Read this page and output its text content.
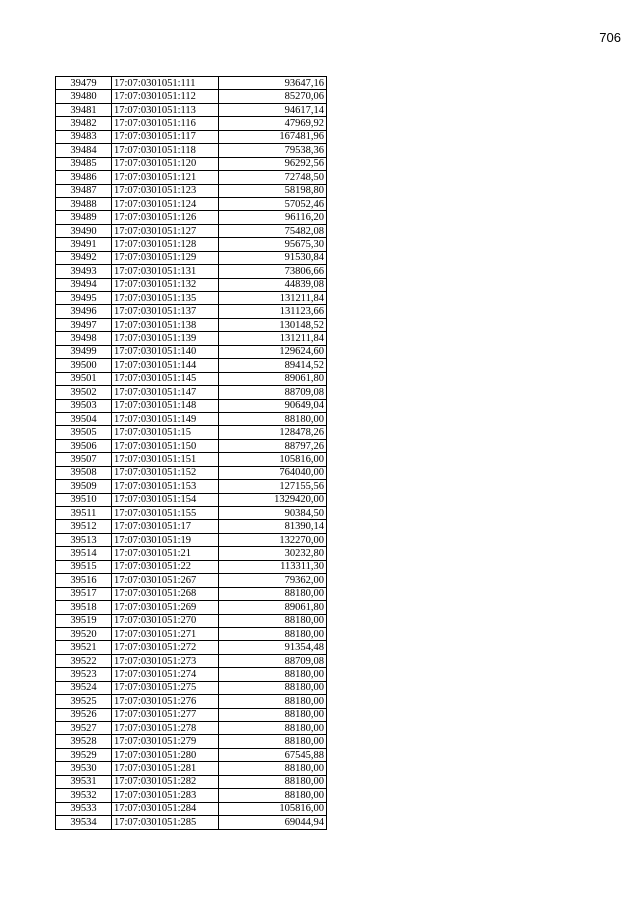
706
39479	17:07:0301051:111	93647,16
39480	17:07:0301051:112	85270,06
39481	17:07:0301051:113	94617,14
39482	17:07:0301051:116	47969,92
39483	17:07:0301051:117	167481,96
39484	17:07:0301051:118	79538,36
39485	17:07:0301051:120	96292,56
39486	17:07:0301051:121	72748,50
39487	17:07:0301051:123	58198,80
39488	17:07:0301051:124	57052,46
39489	17:07:0301051:126	96116,20
39490	17:07:0301051:127	75482,08
39491	17:07:0301051:128	95675,30
39492	17:07:0301051:129	91530,84
39493	17:07:0301051:131	73806,66
39494	17:07:0301051:132	44839,08
39495	17:07:0301051:135	131211,84
39496	17:07:0301051:137	131123,66
39497	17:07:0301051:138	130148,52
39498	17:07:0301051:139	131211,84
39499	17:07:0301051:140	129624,60
39500	17:07:0301051:144	89414,52
39501	17:07:0301051:145	89061,80
39502	17:07:0301051:147	88709,08
39503	17:07:0301051:148	90649,04
39504	17:07:0301051:149	88180,00
39505	17:07:0301051:15	128478,26
39506	17:07:0301051:150	88797,26
39507	17:07:0301051:151	105816,00
39508	17:07:0301051:152	764040,00
39509	17:07:0301051:153	127155,56
39510	17:07:0301051:154	1329420,00
39511	17:07:0301051:155	90384,50
39512	17:07:0301051:17	81390,14
39513	17:07:0301051:19	132270,00
39514	17:07:0301051:21	30232,80
39515	17:07:0301051:22	113311,30
39516	17:07:0301051:267	79362,00
39517	17:07:0301051:268	88180,00
39518	17:07:0301051:269	89061,80
39519	17:07:0301051:270	88180,00
39520	17:07:0301051:271	88180,00
39521	17:07:0301051:272	91354,48
39522	17:07:0301051:273	88709,08
39523	17:07:0301051:274	88180,00
39524	17:07:0301051:275	88180,00
39525	17:07:0301051:276	88180,00
39526	17:07:0301051:277	88180,00
39527	17:07:0301051:278	88180,00
39528	17:07:0301051:279	88180,00
39529	17:07:0301051:280	67545,88
39530	17:07:0301051:281	88180,00
39531	17:07:0301051:282	88180,00
39532	17:07:0301051:283	88180,00
39533	17:07:0301051:284	105816,00
39534	17:07:0301051:285	69044,94
